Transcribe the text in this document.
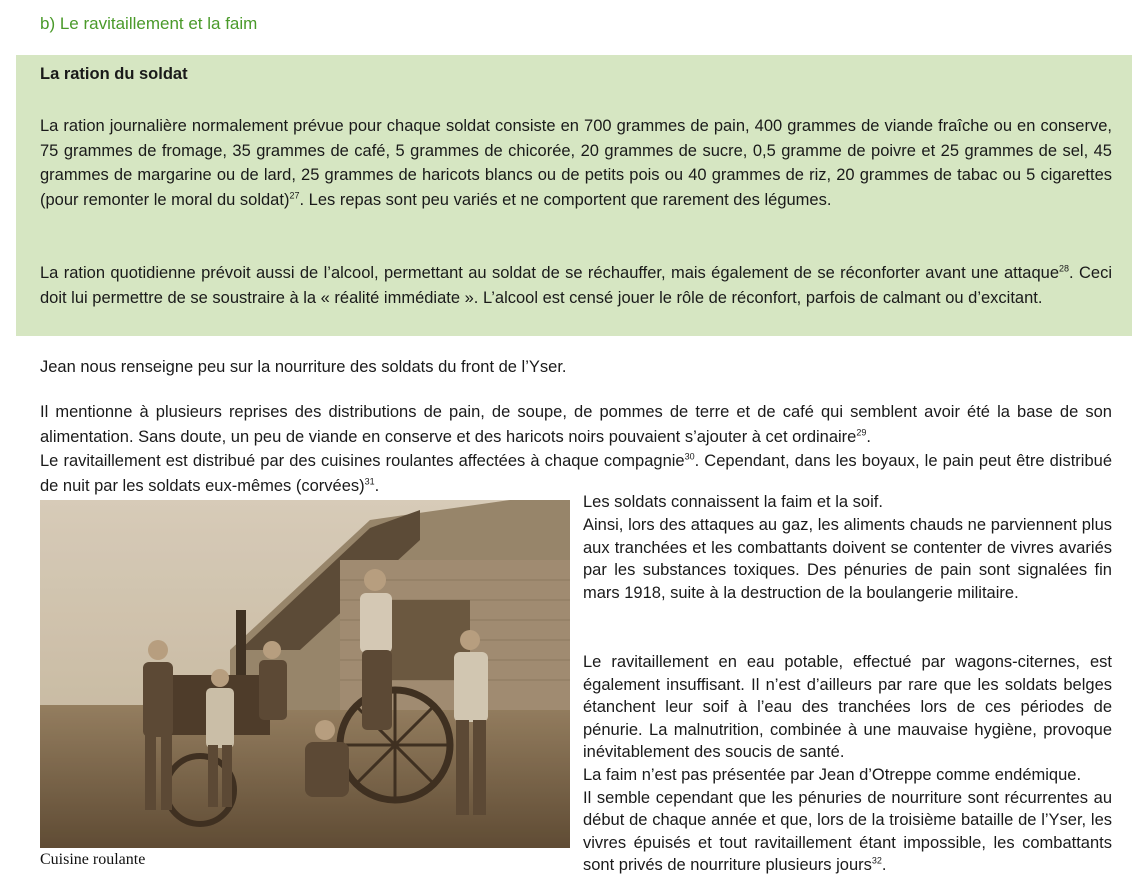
b) Le ravitaillement et la faim
La ration du soldat

La ration journalière normalement prévue pour chaque soldat consiste en 700 grammes de pain, 400 grammes de viande fraîche ou en conserve, 75 grammes de fromage, 35 grammes de café, 5 grammes de chicorée, 20 grammes de sucre, 0,5 gramme de poivre et 25 grammes de sel, 45 grammes de margarine ou de lard, 25 grammes de haricots blancs ou de petits pois ou 40 grammes de riz, 20 grammes de tabac ou 5 cigarettes (pour remonter le moral du soldat)$^{27}$. Les repas sont peu variés et ne comportent que rarement des légumes.

La ration quotidienne prévoit aussi de l’alcool, permettant au soldat de se réchauffer, mais également de se réconforter avant une attaque$^{28}$. Ceci doit lui permettre de se soustraire à la « réalité immédiate ». L’alcool est censé jouer le rôle de réconfort, parfois de calmant ou d’excitant.

Jean nous renseigne peu sur la nourriture des soldats du front de l’Yser.

Il mentionne à plusieurs reprises des distributions de pain, de soupe, de pommes de terre et de café qui semblent avoir été la base de son alimentation. Sans doute, un peu de viande en conserve et des haricots noirs pouvaient s’ajouter à cet ordinaire$^{29}$.
Le ravitaillement est distribué par des cuisines roulantes affectées à chaque compagnie$^{30}$. Cependant, dans les boyaux, le pain peut être distribué de nuit par les soldats eux-mêmes (corvées)$^{31}$.

Les soldats connaissent la faim et la soif.
Ainsi, lors des attaques au gaz, les aliments chauds ne parviennent plus aux tranchées et les combattants doivent se contenter de vivres avariés par les substances toxiques. Des pénuries de pain sont signalées fin mars 1918, suite à la destruction de la boulangerie militaire.

Le ravitaillement en eau potable, effectué par wagons-citernes, est également insuffisant. Il n’est d’ailleurs par rare que les soldats belges étanchent leur soif à l’eau des tranchées lors de ces périodes de pénurie. La malnutrition, combinée à une mauvaise hygiène, provoque inévitablement des soucis de santé.
La faim n’est pas présentée par Jean d’Otreppe comme endémique.
Il semble cependant que les pénuries de nourriture sont récurrentes au début de chaque année et que, lors de la troisième bataille de l’Yser, les vivres épuisés et tout ravitaillement étant impossible, les combattants sont privés de nourriture plusieurs jours$^{32}$.

Cuisine roulante
